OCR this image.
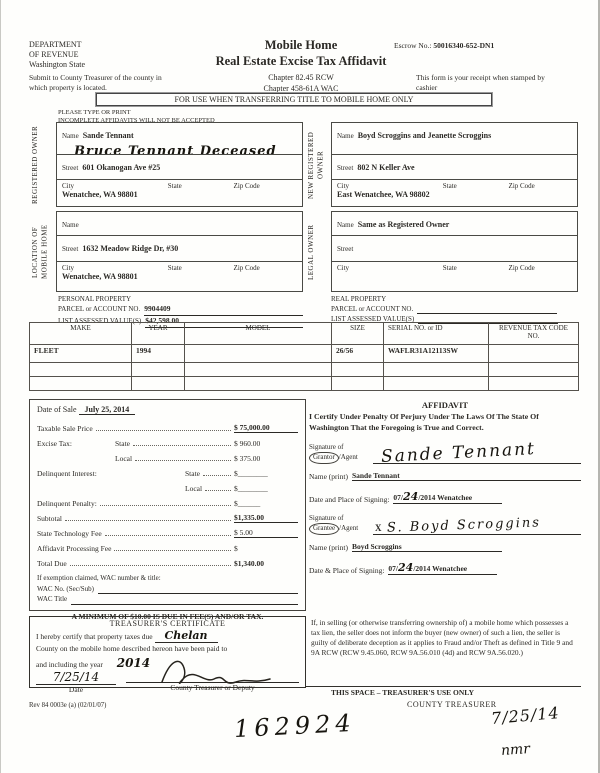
DEPARTMENT
OF REVENUE
Washington State
Mobile Home
Real Estate Excise Tax Affidavit
Escrow No.: 50016340-652-DN1
Submit to County Treasurer of the county in which property is located.
Chapter 82.45 RCW
Chapter 458-61A WAC
This form is your receipt when stamped by cashier
FOR USE WHEN TRANSFERRING TITLE TO MOBILE HOME ONLY
PLEASE TYPE OR PRINT
INCOMPLETE AFFIDAVITS WILL NOT BE ACCEPTED
REGISTERED OWNER	NEW REGISTERED OWNER
LOCATION OF MOBILE HOME	LEGAL OWNER
Name Sande Tennant
Bruce Tennant Deceased
Street 601 Okanogan Ave #25
City	State	Zip Code
Wenatchee, WA 98801
Name Boyd Scroggins and Jeanette Scroggins
Street 802 N Keller Ave
City	State	Zip Code
East Wenatchee, WA 98802
Name
Street 1632 Meadow Ridge Dr, #30
City	State	Zip Code
Wenatchee, WA 98801
Name Same as Registered Owner
Street
City	State	Zip Code
PERSONAL PROPERTY
PARCEL or ACCOUNT NO. 9904409
LIST ASSESSED VALUE(S) $42,598.00
REAL PROPERTY
PARCEL or ACCOUNT NO.
LIST ASSESSED VALUE(S)
MAKE	YEAR	MODEL	SIZE	SERIAL NO. or ID	REVENUE TAX CODE NO.
FLEET	1994		26/56	WAFLR31A12113SW	

Date of Sale July 25, 2014
Taxable Sale Price	$ 75,000.00
Excise Tax:	State	$ 960.00
Local	$ 375.00
Delinquent Interest:	State	$________
Local	$________
Delinquent Penalty:	$______
Subtotal	$1,335.00
State Technology Fee	$ 5.00
Affidavit Processing Fee	$
Total Due	$1,340.00
If exemption claimed, WAC number & title:
WAC No. (Sec/Sub)
WAC Title
A MINIMUM OF $10.00 IS DUE IN FEE(S) AND/OR TAX.
TREASURER'S CERTIFICATE
I hereby certify that property taxes due Chelan
County on the mobile home described hereon have been paid to
and including the year 2014
7/25/14
Date	County Treasurer or Deputy
AFFIDAVIT
I Certify Under Penalty Of Perjury Under The Laws Of The State Of
Washington That the Foregoing is True and Correct.
Signature of
Grantor /Agent	Sande Tennant
Name (print) Sande Tennant
Date and Place of Signing: 07/24/2014 Wenatchee
Signature of
Grantee /Agent	X S. Boyd Scroggins
Name (print) Boyd Scroggins
Date & Place of Signing: 07/24/2014 Wenatchee
If, in selling (or otherwise transferring ownership of) a mobile home which possesses a tax lien, the seller does not inform the buyer (new owner) of such a lien, the seller is guilty of deliberate deception as it applies to Fraud and/or Theft as defined in Title 9 and 9A RCW (RCW 9.45.060, RCW 9A.56.010 (4d) and RCW 9A.56.020.)
THIS SPACE – TREASURER'S USE ONLY
Rev 84 0003e (a) (02/01/07)	COUNTY TREASURER
162924	7/25/14
nmr
